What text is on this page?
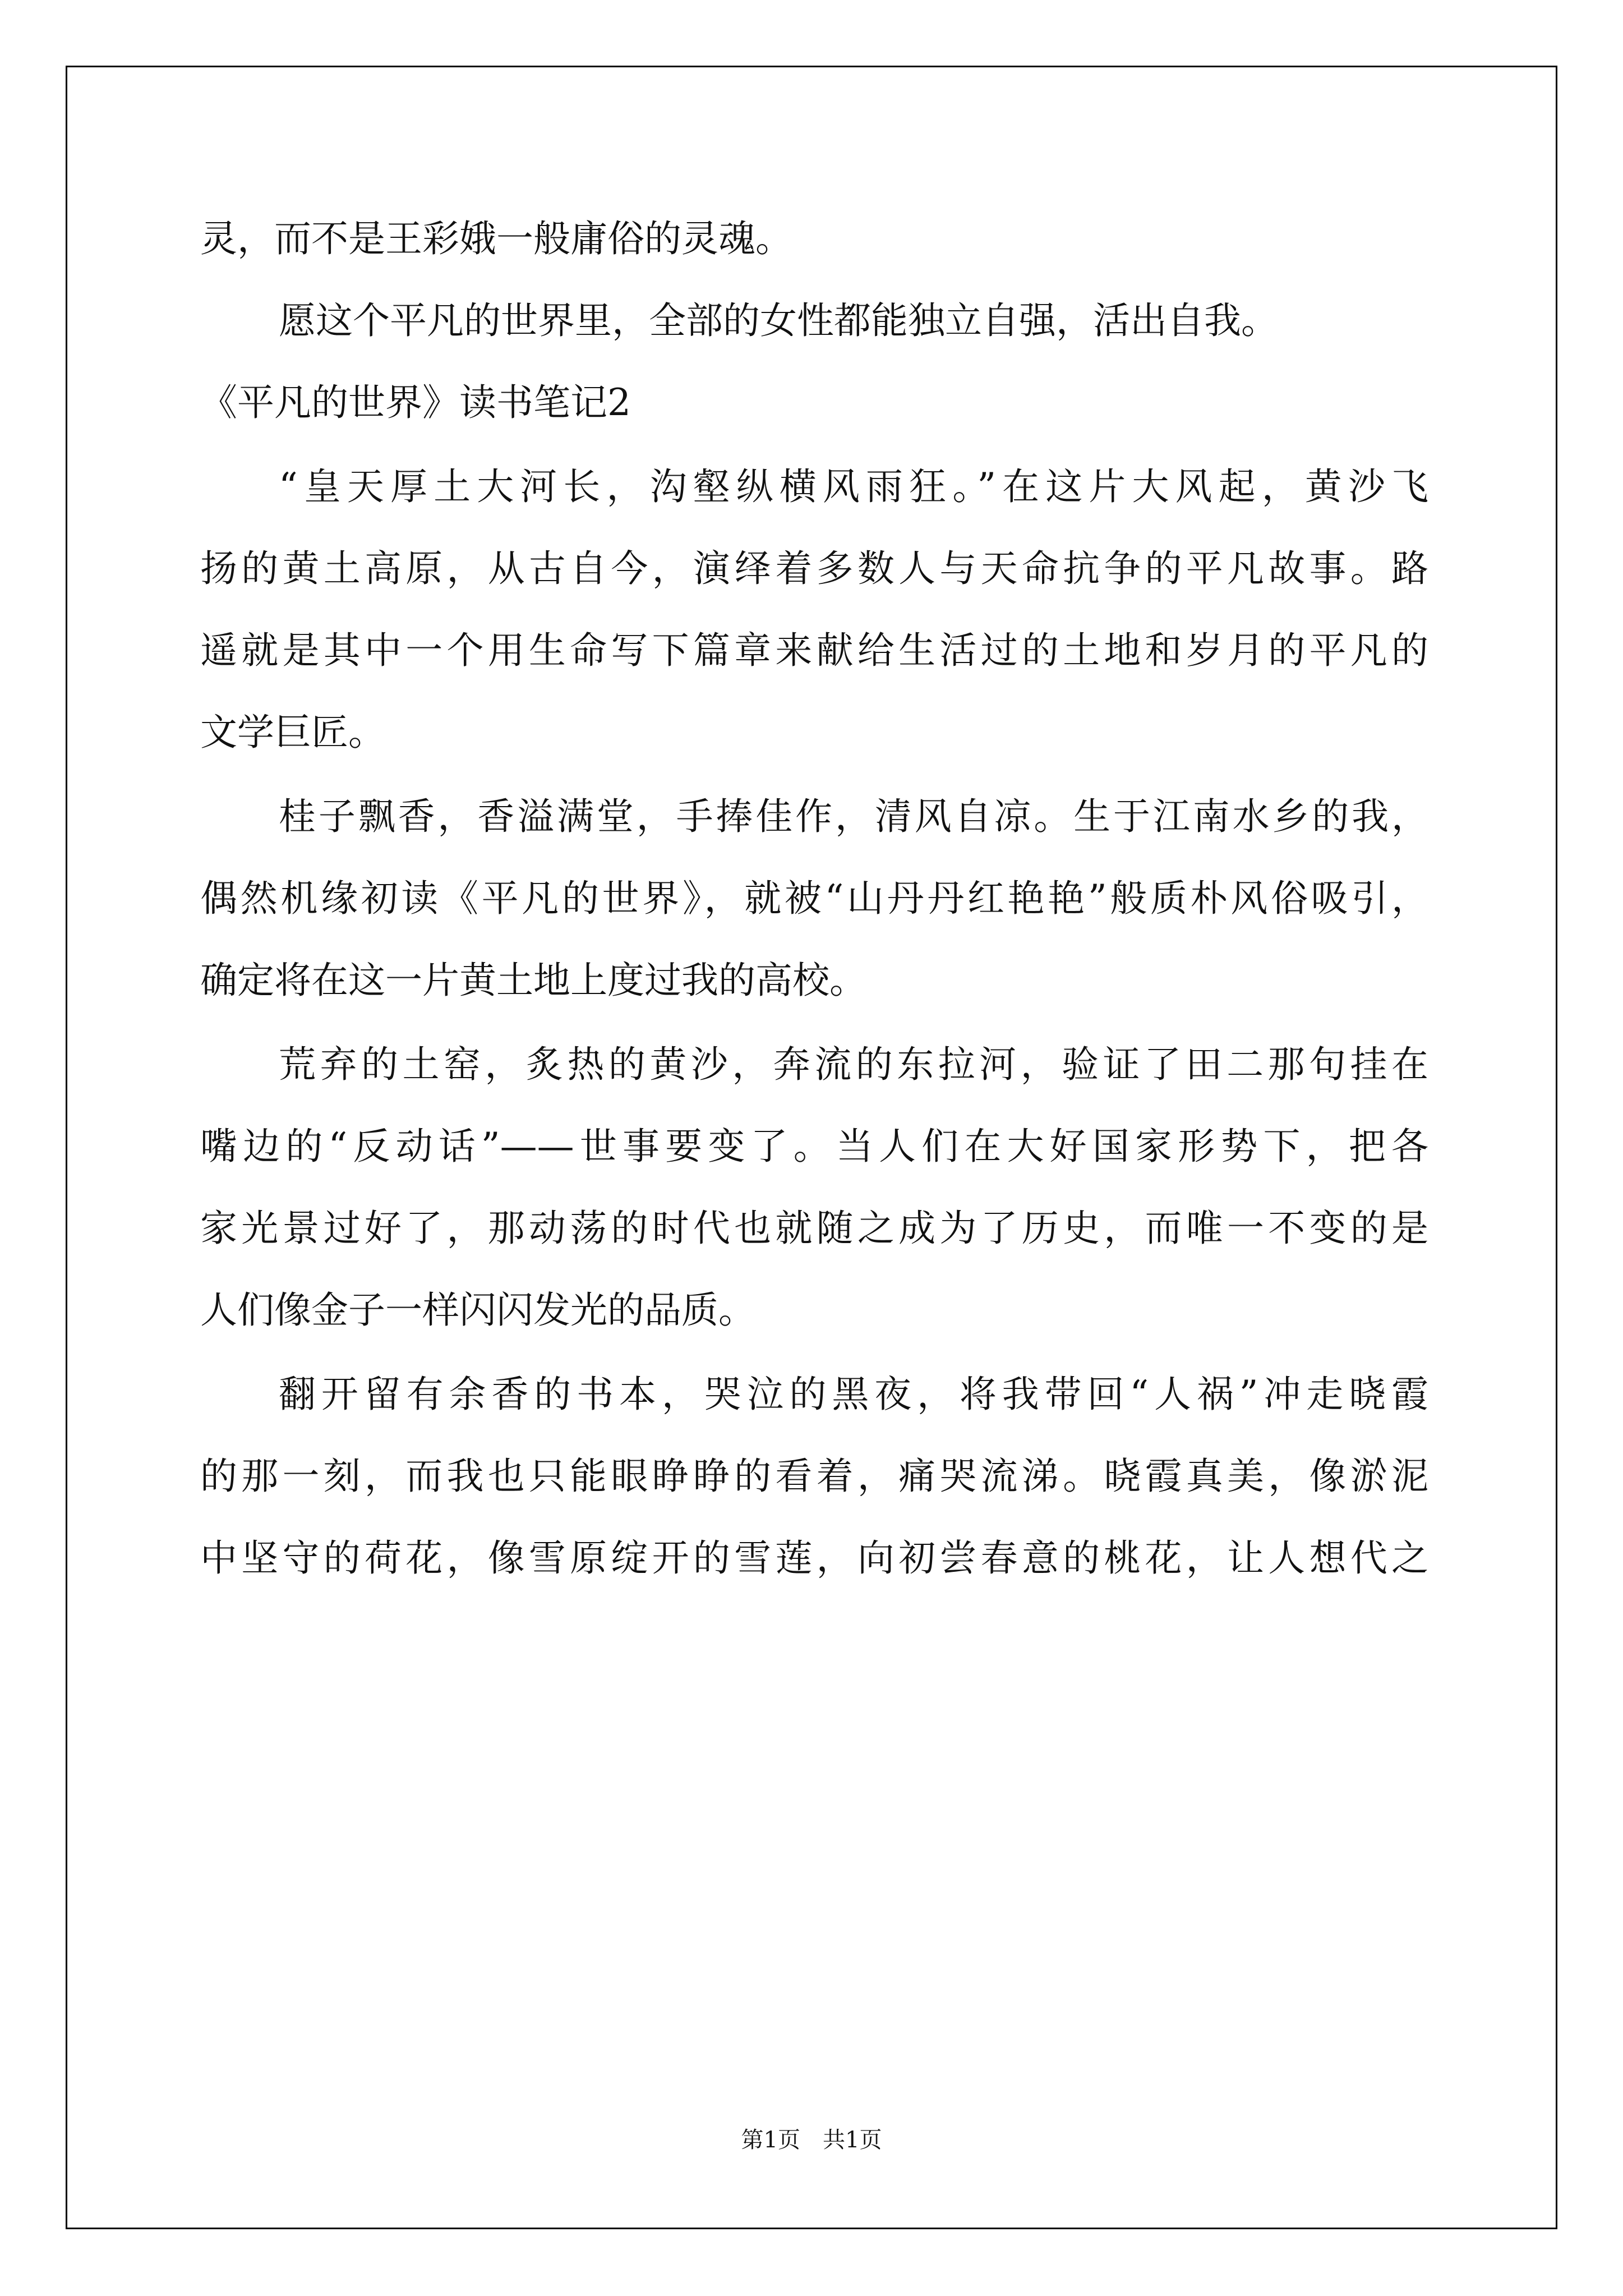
灵，而不是王彩娥一般庸俗的灵魂。
愿这个平凡的世界里，全部的女性都能独立自强，活出自我。
《平凡的世界》读书笔记2
“皇天厚土大河长，沟壑纵横风雨狂。”在这片大风起，黄沙飞
扬的黄土高原，从古自今，演绎着多数人与天命抗争的平凡故事。路
遥就是其中一个用生命写下篇章来献给生活过的土地和岁月的平凡的
文学巨匠。
桂子飘香，香溢满堂，手捧佳作，清风自凉。生于江南水乡的我，
偶然机缘初读《平凡的世界》，就被“山丹丹红艳艳”般质朴风俗吸引，
确定将在这一片黄土地上度过我的高校。
荒弃的土窑，炙热的黄沙，奔流的东拉河，验证了田二那句挂在
嘴边的“反动话”——世事要变了。当人们在大好国家形势下，把各
家光景过好了，那动荡的时代也就随之成为了历史，而唯一不变的是
人们像金子一样闪闪发光的品质。
翻开留有余香的书本，哭泣的黑夜，将我带回“人祸”冲走晓霞
的那一刻，而我也只能眼睁睁的看着，痛哭流涕。晓霞真美，像淤泥
中坚守的荷花，像雪原绽开的雪莲，向初尝春意的桃花，让人想代之
第1页　共1页
